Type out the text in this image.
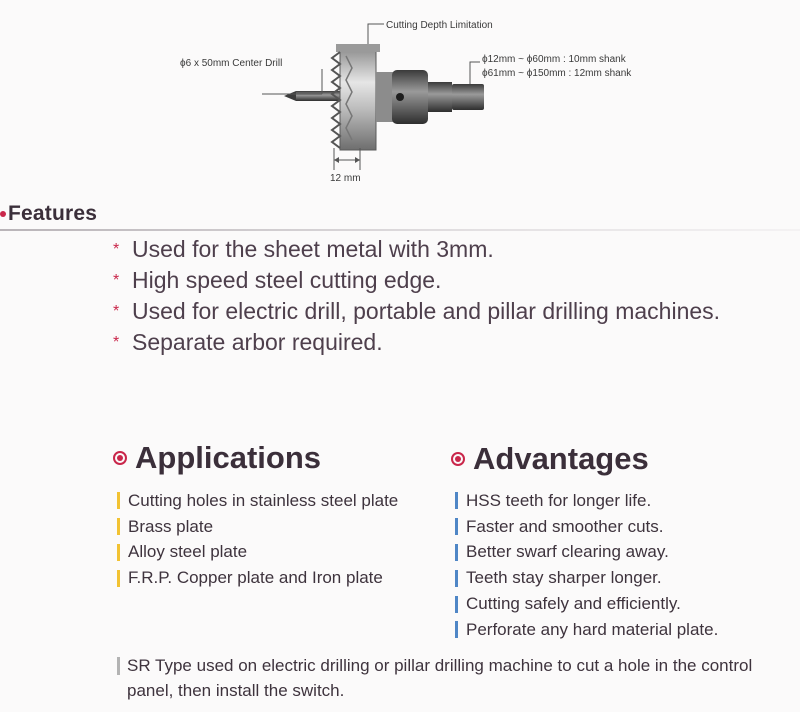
Cutting Depth Limitation
ϕ6 x 50mm Center Drill	ϕ12mm ~ ϕ60mm : 10mm shank
ϕ61mm ~ ϕ150mm : 12mm shank
12 mm
Features
* Used for the sheet metal with 3mm.
* High speed steel cutting edge.
* Used for electric drill, portable and pillar drilling machines.
* Separate arbor required.
Applications
Cutting holes in stainless steel plate
Brass plate
Alloy steel plate
F.R.P. Copper plate and Iron plate
Advantages
HSS teeth for longer life.
Faster and smoother cuts.
Better swarf clearing away.
Teeth stay sharper longer.
Cutting safely and efficiently.
Perforate any hard material plate.
SR Type used on electric drilling or pillar drilling machine to cut a hole in the control panel, then install the switch.
